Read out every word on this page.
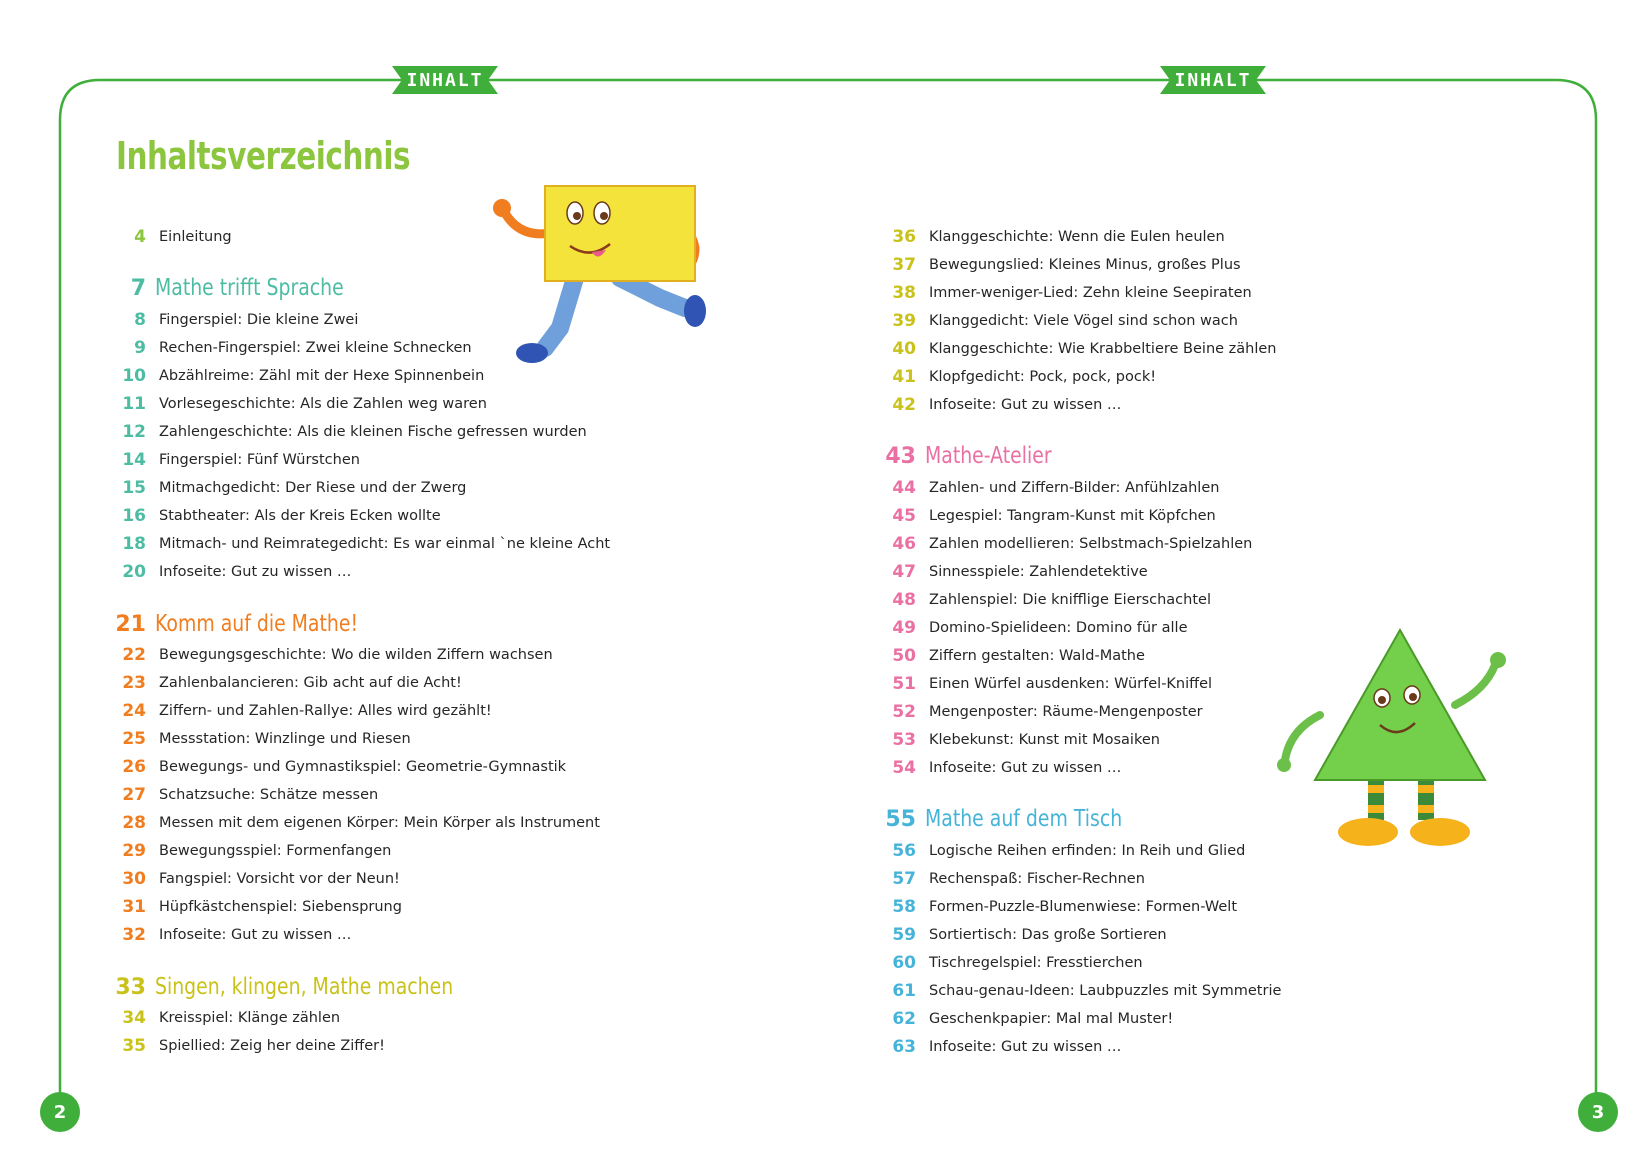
INHALT	INHALT
2	3
Inhaltsverzeichnis
4 Einleitung
7 Mathe trifft Sprache
8 Fingerspiel: Die kleine Zwei
9 Rechen-Fingerspiel: Zwei kleine Schnecken
10 Abzählreime: Zähl mit der Hexe Spinnenbein
11 Vorlesegeschichte: Als die Zahlen weg waren
12 Zahlengeschichte: Als die kleinen Fische gefressen wurden
14 Fingerspiel: Fünf Würstchen
15 Mitmachgedicht: Der Riese und der Zwerg
16 Stabtheater: Als der Kreis Ecken wollte
18 Mitmach- und Reimrategedicht: Es war einmal `ne kleine Acht
20 Infoseite: Gut zu wissen …
21 Komm auf die Mathe!
22 Bewegungsgeschichte: Wo die wilden Ziffern wachsen
23 Zahlenbalancieren: Gib acht auf die Acht!
24 Ziffern- und Zahlen-Rallye: Alles wird gezählt!
25 Messstation: Winzlinge und Riesen
26 Bewegungs- und Gymnastikspiel: Geometrie-Gymnastik
27 Schatzsuche: Schätze messen
28 Messen mit dem eigenen Körper: Mein Körper als Instrument
29 Bewegungsspiel: Formenfangen
30 Fangspiel: Vorsicht vor der Neun!
31 Hüpfkästchenspiel: Siebensprung
32 Infoseite: Gut zu wissen …
33 Singen, klingen, Mathe machen
34 Kreisspiel: Klänge zählen
35 Spiellied: Zeig her deine Ziffer!
36 Klanggeschichte: Wenn die Eulen heulen
37 Bewegungslied: Kleines Minus, großes Plus
38 Immer-weniger-Lied: Zehn kleine Seepiraten
39 Klanggedicht: Viele Vögel sind schon wach
40 Klanggeschichte: Wie Krabbeltiere Beine zählen
41 Klopfgedicht: Pock, pock, pock!
42 Infoseite: Gut zu wissen …
43 Mathe-Atelier
44 Zahlen- und Ziffern-Bilder: Anfühlzahlen
45 Legespiel: Tangram-Kunst mit Köpfchen
46 Zahlen modellieren: Selbstmach-Spielzahlen
47 Sinnesspiele: Zahlendetektive
48 Zahlenspiel: Die knifflige Eierschachtel
49 Domino-Spielideen: Domino für alle
50 Ziffern gestalten: Wald-Mathe
51 Einen Würfel ausdenken: Würfel-Kniffel
52 Mengenposter: Räume-Mengenposter
53 Klebekunst: Kunst mit Mosaiken
54 Infoseite: Gut zu wissen …
55 Mathe auf dem Tisch
56 Logische Reihen erfinden: In Reih und Glied
57 Rechenspaß: Fischer-Rechnen
58 Formen-Puzzle-Blumenwiese: Formen-Welt
59 Sortiertisch: Das große Sortieren
60 Tischregelspiel: Fresstierchen
61 Schau-genau-Ideen: Laubpuzzles mit Symmetrie
62 Geschenkpapier: Mal mal Muster!
63 Infoseite: Gut zu wissen …
